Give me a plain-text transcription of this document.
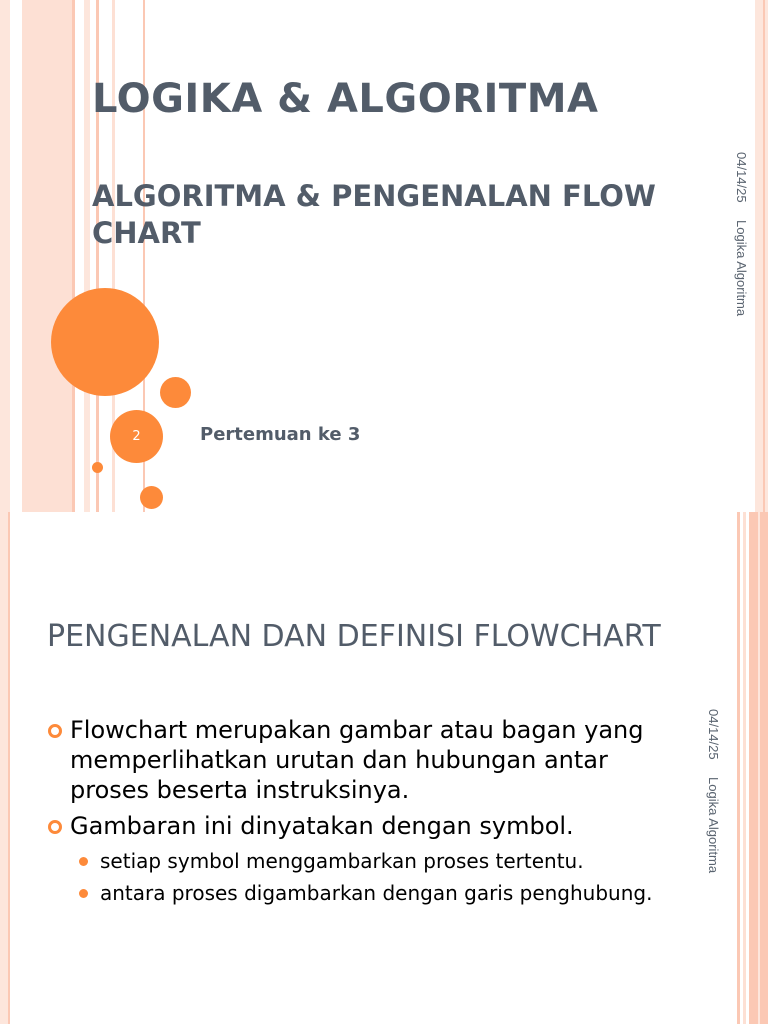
LOGIKA & ALGORITMA
ALGORITMA & PENGENALAN FLOW CHART
2	Pertemuan ke 3
04/14/25
Logika Algoritma
04/14/25
Logika Algoritma
PENGENALAN DAN DEFINISI FLOWCHART
Flowchart merupakan gambar atau bagan yang memperlihatkan urutan dan hubungan antar proses beserta instruksinya.
Gambaran ini dinyatakan dengan symbol.
setiap symbol menggambarkan proses tertentu.
antara proses digambarkan dengan garis penghubung.
